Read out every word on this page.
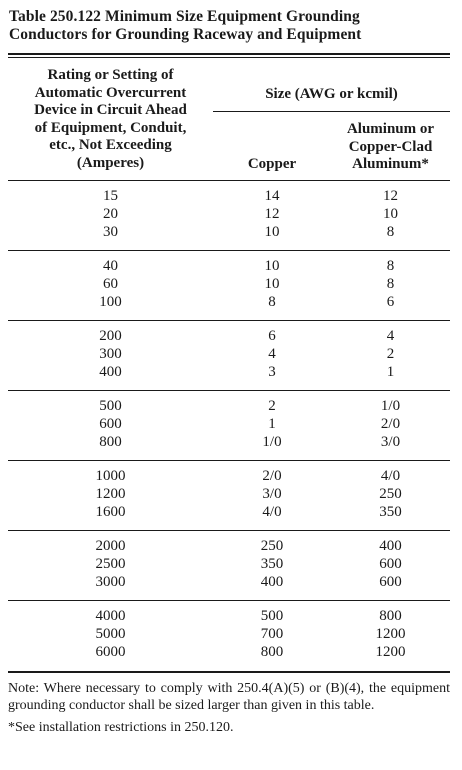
Table 250.122 Minimum Size Equipment Grounding
Conductors for Grounding Raceway and Equipment
Rating or Setting of
Automatic Overcurrent
Device in Circuit Ahead
of Equipment, Conduit,
etc., Not Exceeding
(Amperes)
Size (AWG or kcmil)
Copper
Aluminum or
Copper-Clad
Aluminum*
15	14	12
20	12	10
30	10	8
40	10	8
60	10	8
100	8	6
200	6	4
300	4	2
400	3	1
500	2	1/0
600	1	2/0
800	1/0	3/0
1000	2/0	4/0
1200	3/0	250
1600	4/0	350
2000	250	400
2500	350	600
3000	400	600
4000	500	800
5000	700	1200
6000	800	1200
Note: Where necessary to comply with 250.4(A)(5) or (B)(4), the equipment grounding conductor shall be sized larger than given in this table.
*See installation restrictions in 250.120.
